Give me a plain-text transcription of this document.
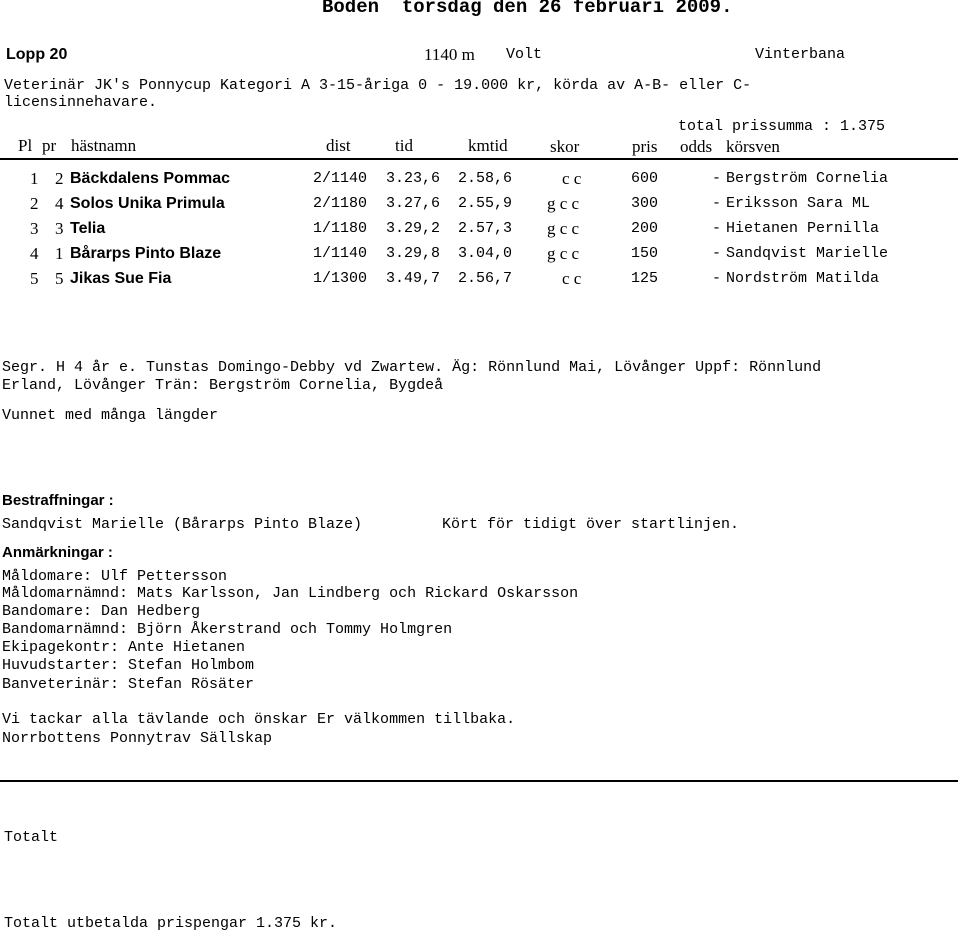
Boden  torsdag den 26 februari 2009.
Lopp 20	1140 m Volt	Vinterbana
Veterinär JK's Ponnycup Kategori A 3-15-åriga 0 - 19.000 kr, körda av A-B- eller C-
licensinnehavare.
total prissumma : 1.375
Pl pr hästnamn	dist	tid	kmtid skor	pris odds körsven
1 2 Bäckdalens Pommac	2/1140 3.23,6 2.58,6	c c	600	- Bergström Cornelia
2 4 Solos Unika Primula	2/1180 3.27,6 2.55,9 g c c	300	- Eriksson Sara ML
3 3 Telia	1/1180 3.29,2 2.57,3 g c c	200	- Hietanen Pernilla
4 1 Bårarps Pinto Blaze	1/1140 3.29,8 3.04,0 g c c	150	- Sandqvist Marielle
5 5 Jikas Sue Fia	1/1300 3.49,7 2.56,7	c c	125	- Nordström Matilda
Segr. H 4 år e. Tunstas Domingo-Debby vd Zwartew. Äg: Rönnlund Mai, Lövånger Uppf: Rönnlund
Erland, Lövånger Trän: Bergström Cornelia, Bygdeå
Vunnet med många längder
Bestraffningar :
Sandqvist Marielle (Bårarps Pinto Blaze)	Kört för tidigt över startlinjen.
Anmärkningar :
Måldomare: Ulf Pettersson
Måldomarnämnd: Mats Karlsson, Jan Lindberg och Rickard Oskarsson
Bandomare: Dan Hedberg
Bandomarnämnd: Björn Åkerstrand och Tommy Holmgren
Ekipagekontr: Ante Hietanen
Huvudstarter: Stefan Holmbom
Banveterinär: Stefan Rösäter
Vi tackar alla tävlande och önskar Er välkommen tillbaka.
Norrbottens Ponnytrav Sällskap
Totalt
Totalt utbetalda prispengar 1.375 kr.
